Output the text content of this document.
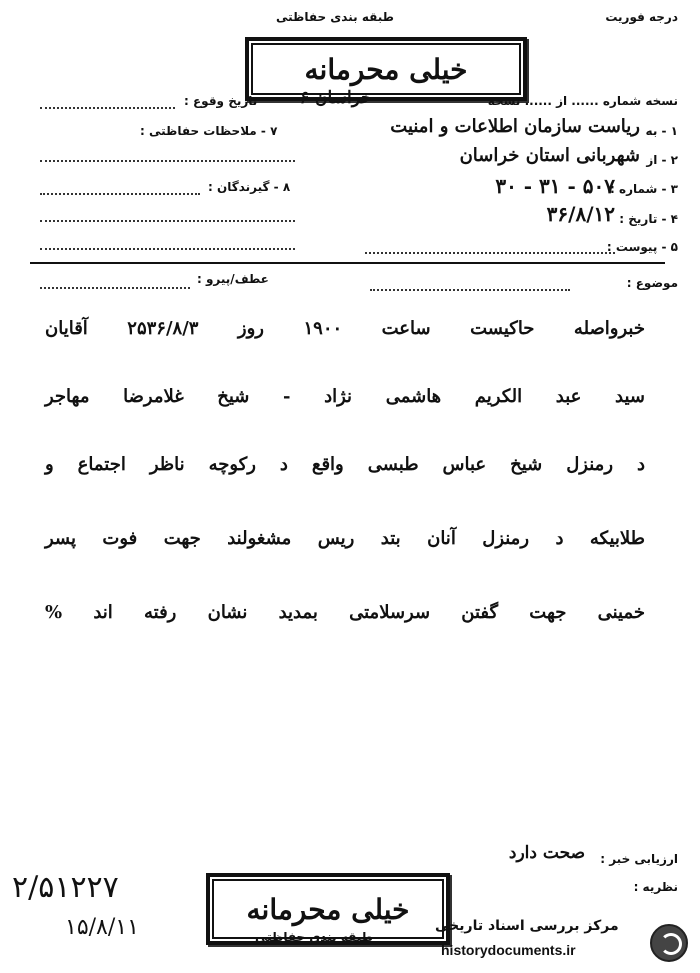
درجه فوریت
طبقه بندی حفاظتی
خیلی محرمانه
نسخه شماره ...... از ...... نسخه
خراسان ۶
تاریخ وقوع :
۱ - به
ریاست سازمان اطلاعات و امنیت
۷ - ملاحظات حفاظتی :
۲ - از
شهربانی استان خراسان
۳ - شماره :
۵۰۷ - ۳۱ - ۳۰
۸ - گیرندگان :
۴ - تاریخ :
۳۶/۸/۱۲
۵ - پیوست :
موضوع :
عطف/پیرو :
خبرواصله حاکیست ساعت ۱۹۰۰ روز ۲۵۳۶/۸/۳ آقایان
سید عبد الکریم هاشمی نژاد - شیخ غلامرضا مهاجر
د رمنزل شیخ عباس طبسی واقع د رکوچه ناظر اجتماع و
طلابیکه د رمنزل آنان بتد ریس مشغولند جهت فوت پسر
خمینی جهت گفتن سرسلامتی بمدید نشان رفته اند %
ارزیابی خبر :
صحت دارد
نظریه :
۲/۵۱۲۲۷
۱۵/۸/۱۱
خیلی محرمانه
طبقه بندی حفاظتی
مرکز بررسی اسناد تاریخی
historydocuments.ir
